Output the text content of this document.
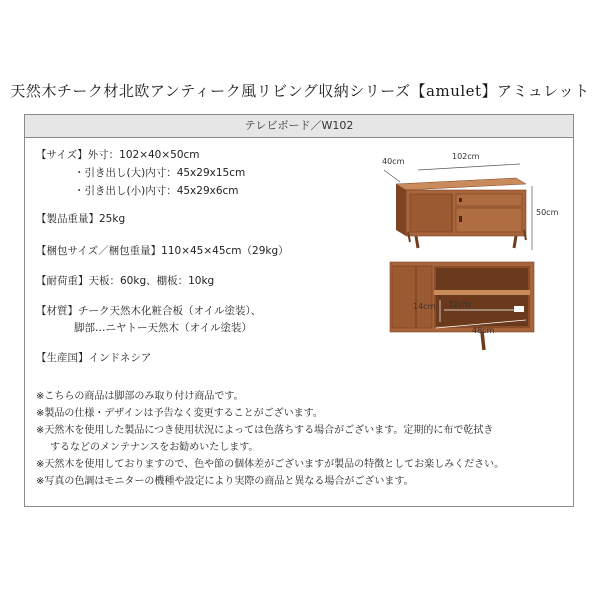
天然木チーク材北欧アンティーク風リビング収納シリーズ【amulet】アミュレット
テレビボード／W102
【サイズ】外寸：102×40×50cm
・引き出し(大)内寸：45x29x15cm
・引き出し(小)内寸：45x29x6cm
【製品重量】25kg
【梱包サイズ／梱包重量】110×45×45cm（29kg）
【耐荷重】天板：60kg、棚板：10kg
【材質】チーク天然木化粧合板（オイル塗装）、
脚部…ニヤトー天然木（オイル塗装）
【生産国】インドネシア
※こちらの商品は脚部のみ取り付け商品です。
※製品の仕様・デザインは予告なく変更することがございます。
※天然木を使用した製品につき使用状況によっては色落ちする場合がございます。定期的に布で乾拭き
するなどのメンテナンスをお勧めいたします。
※天然木を使用しておりますので、色や節の個体差がございますが製品の特徴としてお楽しみください。
※写真の色調はモニターの機種や設定により実際の商品と異なる場合がございます。
40cm
102cm
50cm
14cm 32cm
48cm
